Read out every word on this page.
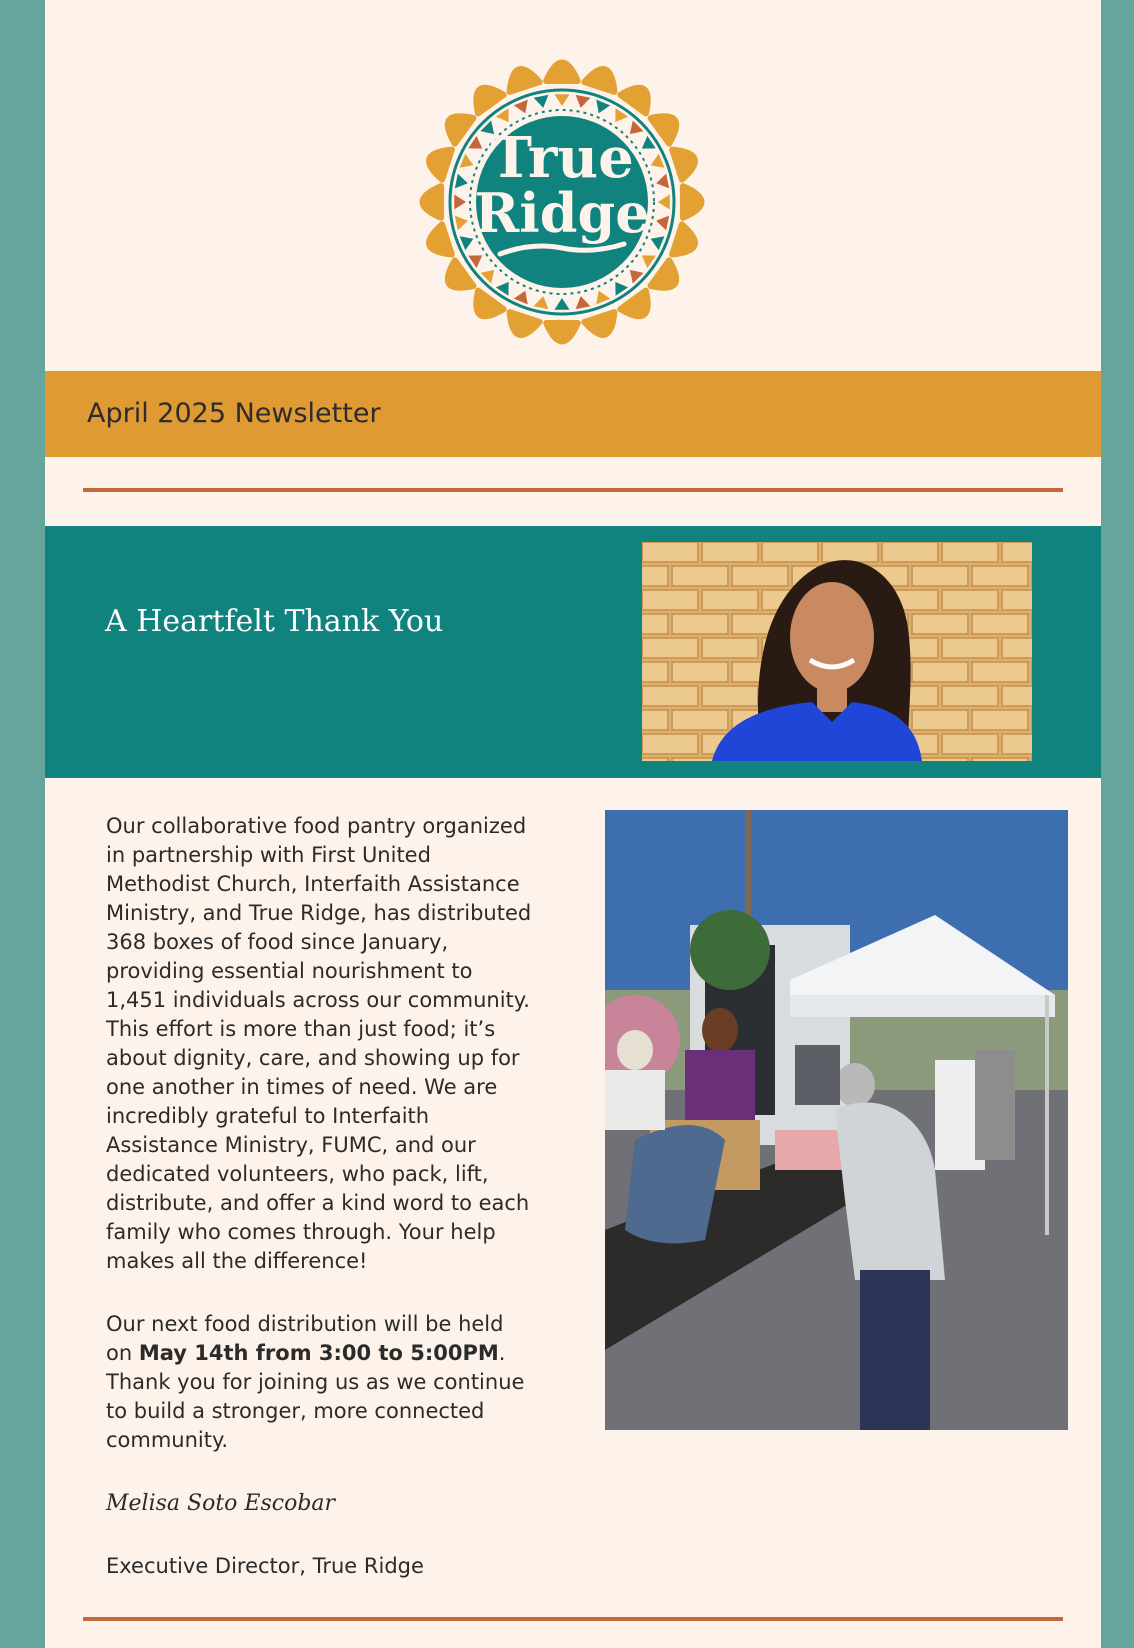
True
Ridge
April 2025 Newsletter
A Heartfelt Thank You

Our collaborative food pantry organized in partnership with First United Methodist Church, Interfaith Assistance Ministry, and True Ridge, has distributed 368 boxes of food since January, providing essential nourishment to 1,451 individuals across our community. This effort is more than just food; it’s about dignity, care, and showing up for one another in times of need. We are incredibly grateful to Interfaith Assistance Ministry, FUMC, and our dedicated volunteers, who pack, lift, distribute, and offer a kind word to each family who comes through. Your help makes all the difference!

Our next food distribution will be held on May 14th from 3:00 to 5:00PM. Thank you for joining us as we continue to build a stronger, more connected community.

Melisa Soto Escobar

Executive Director, True Ridge
